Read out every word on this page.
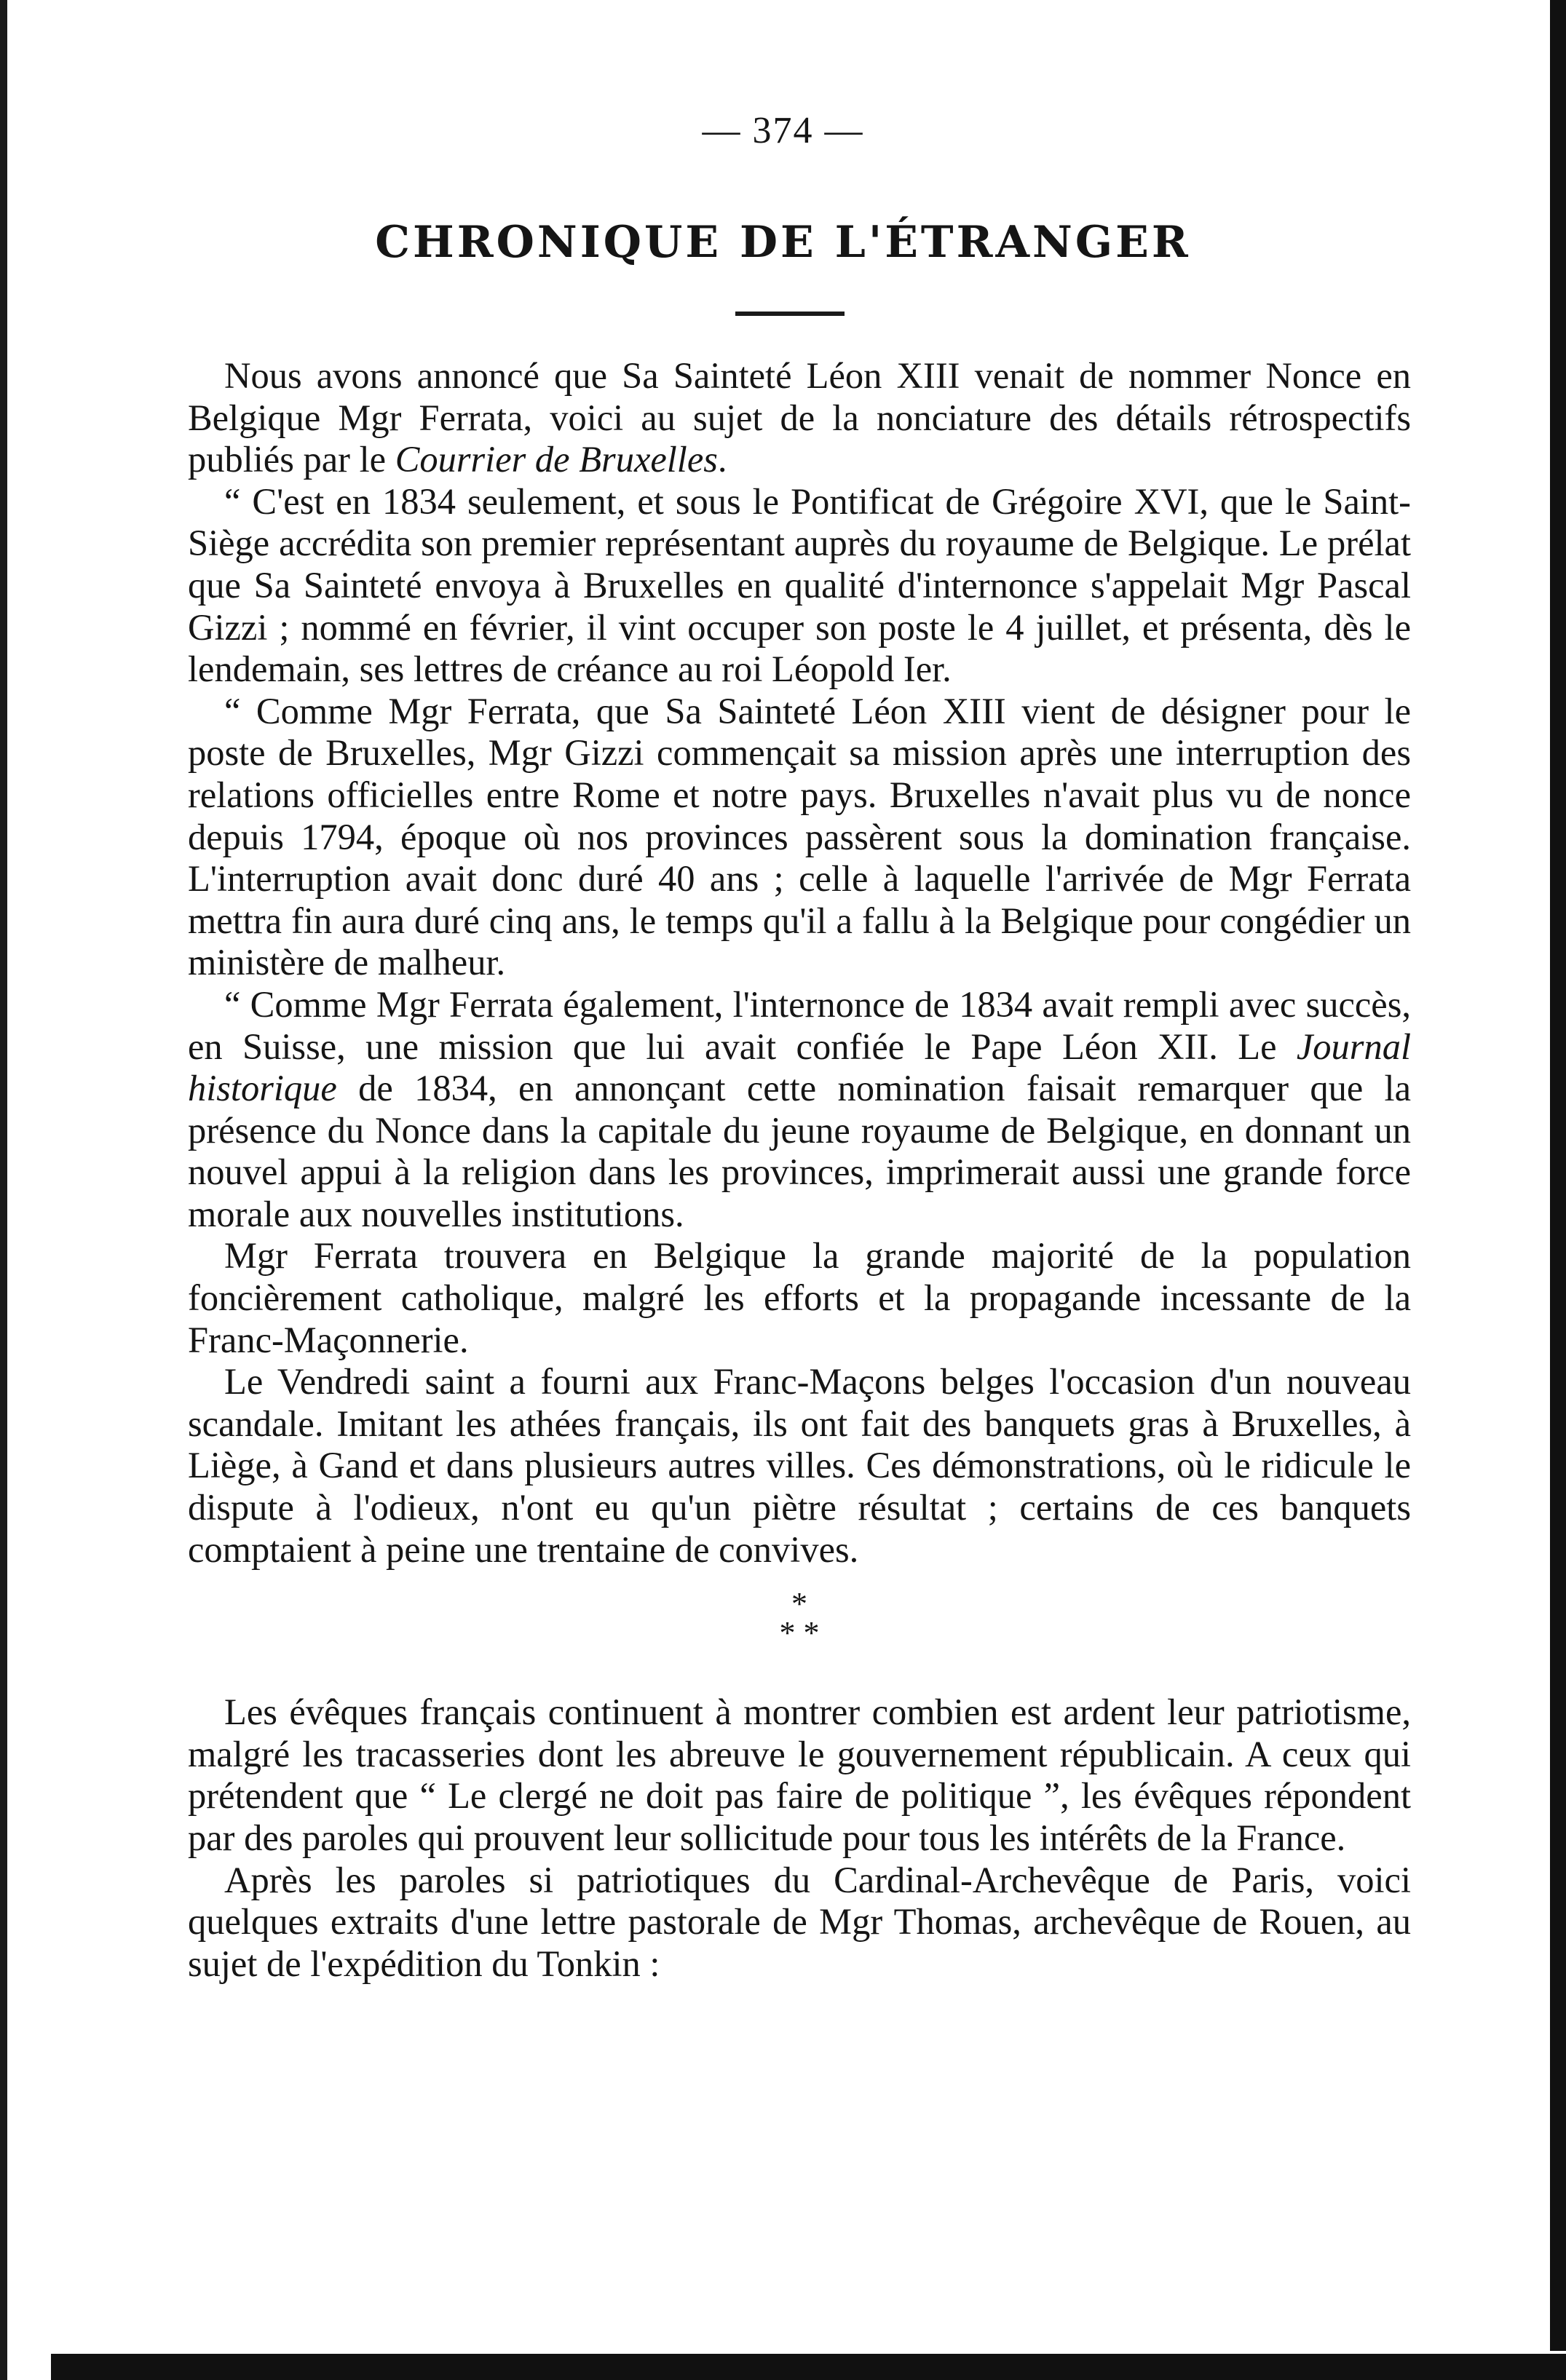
— 374 —
CHRONIQUE DE L'ÉTRANGER

Nous avons annoncé que Sa Sainteté Léon XIII venait de nommer Nonce en Belgique Mgr Ferrata, voici au sujet de la nonciature des détails rétrospectifs publiés par le Courrier de Bruxelles.

“ C'est en 1834 seulement, et sous le Pontificat de Grégoire XVI, que le Saint-Siège accrédita son premier représentant auprès du royaume de Belgique. Le prélat que Sa Sainteté envoya à Bruxelles en qualité d'internonce s'appelait Mgr Pascal Gizzi ; nommé en février, il vint occuper son poste le 4 juillet, et présenta, dès le lendemain, ses lettres de créance au roi Léopold Ier.

“ Comme Mgr Ferrata, que Sa Sainteté Léon XIII vient de désigner pour le poste de Bruxelles, Mgr Gizzi commençait sa mission après une interruption des relations officielles entre Rome et notre pays. Bruxelles n'avait plus vu de nonce depuis 1794, époque où nos provinces passèrent sous la domination française. L'interruption avait donc duré 40 ans ; celle à laquelle l'arrivée de Mgr Ferrata mettra fin aura duré cinq ans, le temps qu'il a fallu à la Belgique pour congédier un ministère de malheur.

“ Comme Mgr Ferrata également, l'internonce de 1834 avait rempli avec succès, en Suisse, une mission que lui avait confiée le Pape Léon XII. Le Journal historique de 1834, en annonçant cette nomination faisait remarquer que la présence du Nonce dans la capitale du jeune royaume de Belgique, en donnant un nouvel appui à la religion dans les provinces, imprimerait aussi une grande force morale aux nouvelles institutions.

Mgr Ferrata trouvera en Belgique la grande majorité de la population foncièrement catholique, malgré les efforts et la propagande incessante de la Franc-Maçonnerie.

Le Vendredi saint a fourni aux Franc-Maçons belges l'occasion d'un nouveau scandale. Imitant les athées français, ils ont fait des banquets gras à Bruxelles, à Liège, à Gand et dans plusieurs autres villes. Ces démonstrations, où le ridicule le dispute à l'odieux, n'ont eu qu'un piètre résultat ; certains de ces banquets comptaient à peine une trentaine de convives.

*
* *

Les évêques français continuent à montrer combien est ardent leur patriotisme, malgré les tracasseries dont les abreuve le gouvernement républicain. A ceux qui prétendent que “ Le clergé ne doit pas faire de politique ”, les évêques répondent par des paroles qui prouvent leur sollicitude pour tous les intérêts de la France.

Après les paroles si patriotiques du Cardinal-Archevêque de Paris, voici quelques extraits d'une lettre pastorale de Mgr Thomas, archevêque de Rouen, au sujet de l'expédition du Tonkin :
